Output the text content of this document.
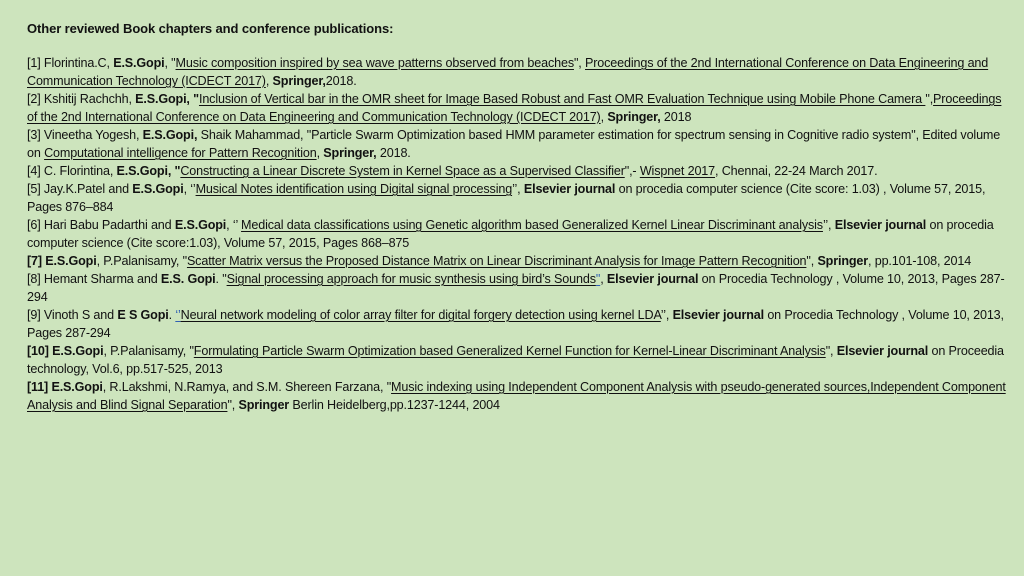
Other reviewed Book chapters and conference publications:

[1] Florintina.C, E.S.Gopi, "Music composition inspired by sea wave patterns observed from beaches", Proceedings of the 2nd International Conference on Data Engineering and Communication Technology (ICDECT 2017), Springer,2018.

[2] Kshitij Rachchh, E.S.Gopi, "Inclusion of Vertical bar in the OMR sheet for Image Based Robust and Fast OMR Evaluation Technique using Mobile Phone Camera ",Proceedings of the 2nd International Conference on Data Engineering and Communication Technology (ICDECT 2017), Springer, 2018

[3] Vineetha Yogesh, E.S.Gopi, Shaik Mahammad, "Particle Swarm Optimization based HMM parameter estimation for spectrum sensing in Cognitive radio system", Edited volume on Computational intelligence for Pattern Recognition, Springer, 2018.

[4] C. Florintina, E.S.Gopi, "Constructing a Linear Discrete System in Kernel Space as a Supervised Classifier",- Wispnet 2017, Chennai, 22-24 March 2017.

[5] Jay.K.Patel and E.S.Gopi, ‘’Musical Notes identification using Digital signal processing’’, Elsevier journal on procedia computer science (Cite score: 1.03) , Volume 57, 2015, Pages 876–884

[6] Hari Babu Padarthi and E.S.Gopi, ‘’ Medical data classifications using Genetic algorithm based Generalized Kernel Linear Discriminant analysis’’, Elsevier journal on procedia computer science (Cite score:1.03), Volume 57, 2015, Pages 868–875

[7] E.S.Gopi, P.Palanisamy, "Scatter Matrix versus the Proposed Distance Matrix on Linear Discriminant Analysis for Image Pattern Recognition", Springer, pp.101-108, 2014

[8] Hemant Sharma and E.S. Gopi. "Signal processing approach for music synthesis using bird’s Sounds", Elsevier journal on Procedia Technology , Volume 10, 2013, Pages 287-294

[9] Vinoth S and E S Gopi. ‘’Neural network modeling of color array filter for digital forgery detection using kernel LDA’’, Elsevier journal on Procedia Technology , Volume 10, 2013, Pages 287-294

[10] E.S.Gopi, P.Palanisamy, "Formulating Particle Swarm Optimization based Generalized Kernel Function for Kernel-Linear Discriminant Analysis", Elsevier journal on Proceedia technology, Vol.6, pp.517-525, 2013

[11] E.S.Gopi, R.Lakshmi, N.Ramya, and S.M. Shereen Farzana, "Music indexing using Independent Component Analysis with pseudo-generated sources,Independent Component Analysis and Blind Signal Separation", Springer Berlin Heidelberg,pp.1237-1244, 2004
